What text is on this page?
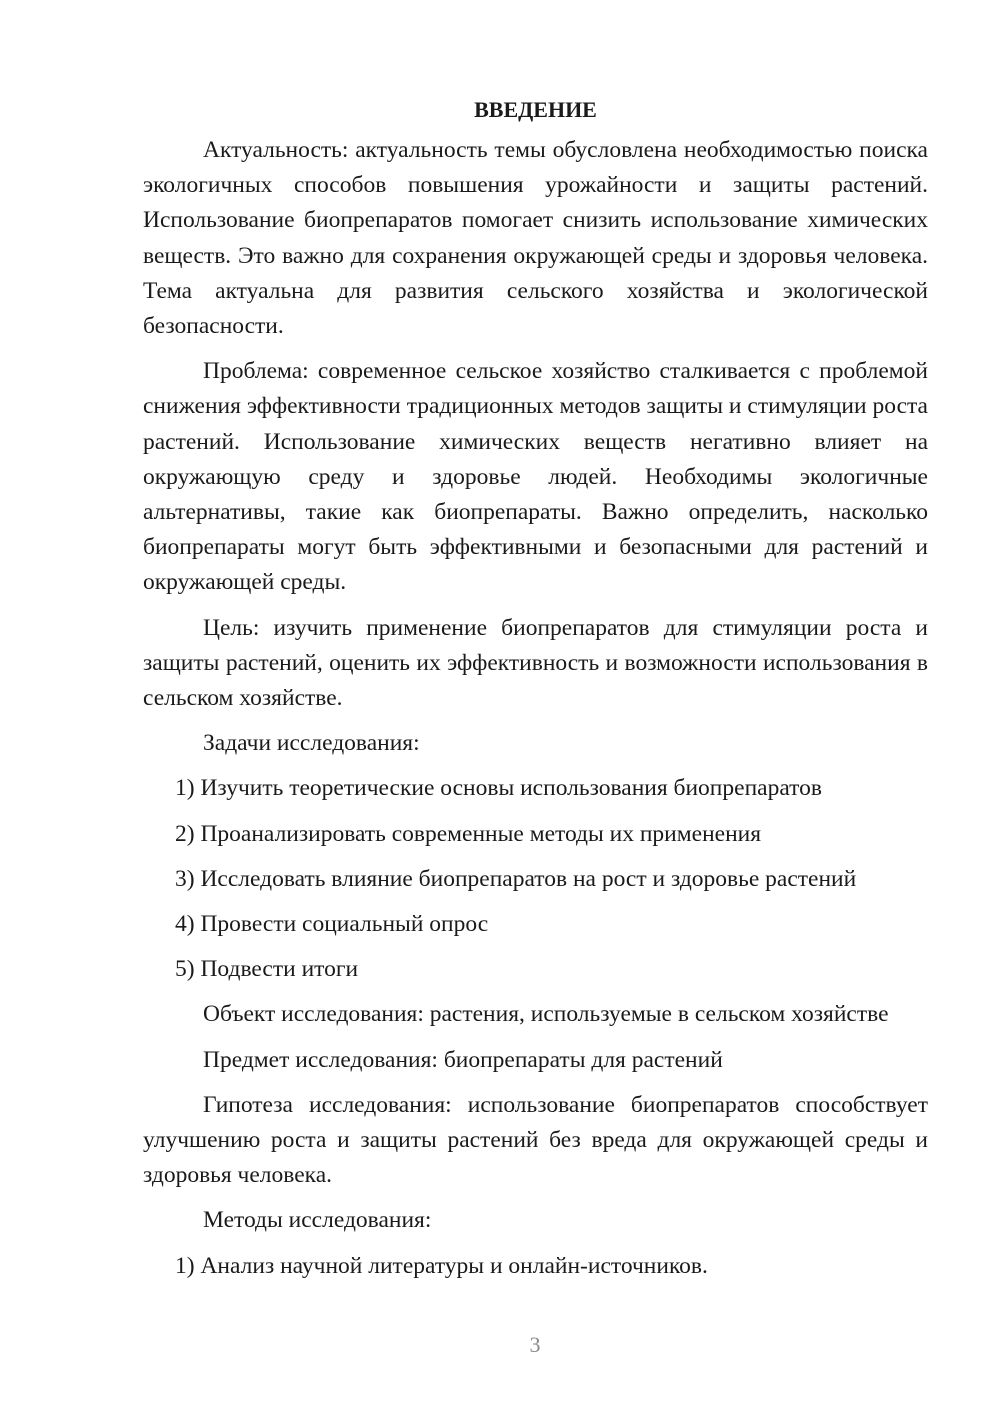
ВВЕДЕНИЕ

Актуальность: актуальность темы обусловлена необходимостью поиска экологичных способов повышения урожайности и защиты растений. Использование биопрепаратов помогает снизить использование химических веществ. Это важно для сохранения окружающей среды и здоровья человека. Тема актуальна для развития сельского хозяйства и экологической безопасности.

Проблема: современное сельское хозяйство сталкивается с проблемой снижения эффективности традиционных методов защиты и стимуляции роста растений. Использование химических веществ негативно влияет на окружающую среду и здоровье людей. Необходимы экологичные альтернативы, такие как биопрепараты. Важно определить, насколько биопрепараты могут быть эффективными и безопасными для растений и окружающей среды.

Цель: изучить применение биопрепаратов для стимуляции роста и защиты растений, оценить их эффективность и возможности использования в сельском хозяйстве.

Задачи исследования:
1) Изучить теоретические основы использования биопрепаратов
2) Проанализировать современные методы их применения
3) Исследовать влияние биопрепаратов на рост и здоровье растений
4) Провести социальный опрос
5) Подвести итоги
Объект исследования: растения, используемые в сельском хозяйстве
Предмет исследования: биопрепараты для растений

Гипотеза исследования: использование биопрепаратов способствует улучшению роста и защиты растений без вреда для окружающей среды и здоровья человека.

Методы исследования:
1) Анализ научной литературы и онлайн-источников.
3
